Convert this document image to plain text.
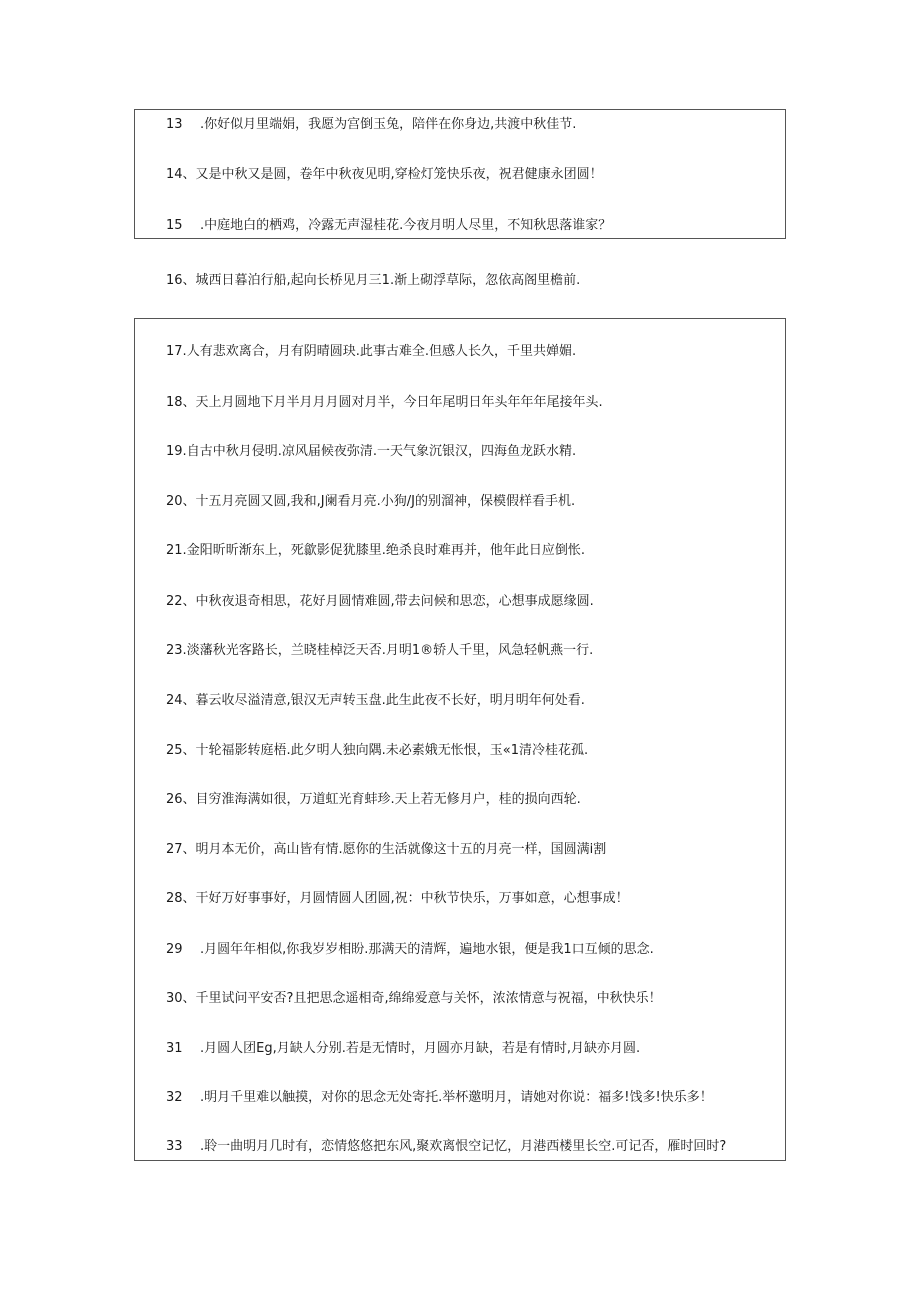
13 .你好似月里端娟，我愿为宫倒玉兔，陪伴在你身边,共渡中秋佳节.
14、又是中秋又是圆，卷年中秋夜见明,穿检灯笼快乐夜，祝君健康永团圆！
15 .中庭地白的栖鸡，冷露无声湿桂花.今夜月明人尽里，不知秋思落谁家？
16、城西日暮泊行船,起向长桥见月三1.渐上砌浮草际，忽依高阁里檐前.
17.人有悲欢离合，月有阴晴圆玦.此事古难全.但感人长久，千里共婵媚.
18、天上月圆地下月半月月月圆对月半，今日年尾明日年头年年年尾接年头.
19.自古中秋月侵明.凉风届候夜弥清.一天气象沉银汉，四海鱼龙跃水精.
20、十五月亮圆又圆,我和,J阑看月亮.小狗/J的别溜神，保模假样看手机.
21.金阳昕昕渐东上，死歙影促犹膝里.绝杀良时难再并，他年此日应倒怅.
22、中秋夜退奇相思，花好月圆情难圆,带去问候和思恋，心想事成愿缘圆.
23.淡藩秋光客路长，兰晓桂棹泛天否.月明1®轿人千里，风急轻帆燕一行.
24、暮云收尽溢清意,银汉无声转玉盘.此生此夜不长好，明月明年何处看.
25、十轮福影转庭梧.此夕明人独向隅.未必素娥无怅恨，玉«1清冷桂花孤.
26、目穷淮海满如很，万道虹光育蚌珍.天上若无修月户，桂的损向西轮.
27、明月本无价，高山皆有情.愿你的生活就像这十五的月亮一样，国圆满i割
28、干好万好事事好，月圆情圆人团圆,祝：中秋节快乐，万事如意，心想事成！
29 .月圆年年相似,你我岁岁相盼.那满天的清辉，遍地水银，便是我1口互倾的思念.
30、千里试问平安否?且把思念遥相奇,绵绵爱意与关怀，浓浓情意与祝福，中秋快乐！
31 .月圆人团Eg,月缺人分别.若是无情时，月圆亦月缺，若是有情时,月缺亦月圆.
32 .明月千里难以触摸，对你的思念无处寄托.举杯邀明月，请她对你说：福多!饯多!快乐多！
33 .聆一曲明月几时有，恋情悠悠把东风,聚欢离恨空记忆，月港西楼里长空.可记否，雁时回时?
